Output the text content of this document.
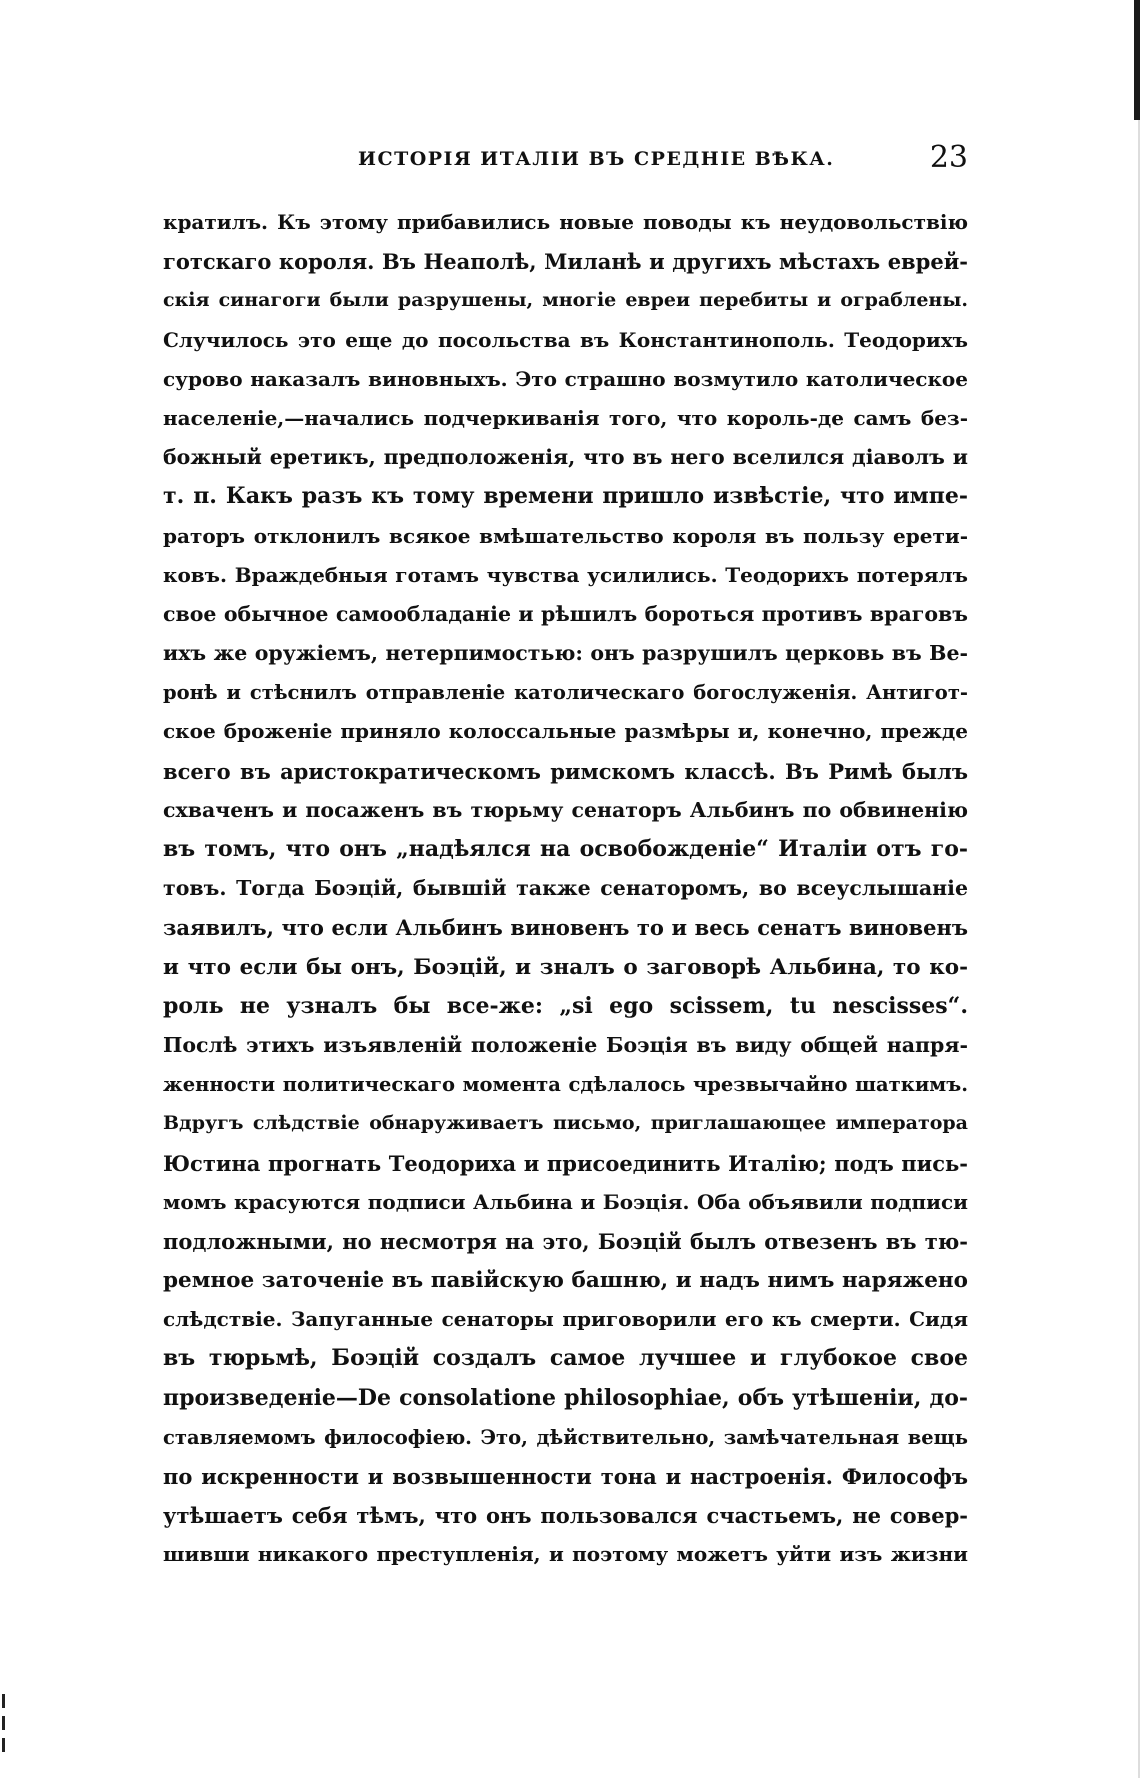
ИСТОРІЯ ИТАЛІИ ВЪ СРЕДНІЕ ВѢКА.	23
кратилъ. Къ этому прибавились новые поводы къ неудовольствію
готскаго короля. Въ Неаполѣ, Миланѣ и другихъ мѣстахъ еврей-
скія синагоги были разрушены, многіе евреи перебиты и ограблены.
Случилось это еще до посольства въ Константинополь. Теодорихъ
сурово наказалъ виновныхъ. Это страшно возмутило католическое
населеніе,—начались подчеркиванія того, что король-де самъ без-
божный еретикъ, предположенія, что въ него вселился діаволъ и
т. п. Какъ разъ къ тому времени пришло извѣстіе, что импе-
раторъ отклонилъ всякое вмѣшательство короля въ пользу ерети-
ковъ. Враждебныя готамъ чувства усилились. Теодорихъ потерялъ
свое обычное самообладаніе и рѣшилъ бороться противъ враговъ
ихъ же оружіемъ, нетерпимостью: онъ разрушилъ церковь въ Ве-
ронѣ и стѣснилъ отправленіе католическаго богослуженія. Антигот-
ское броженіе приняло колоссальные размѣры и, конечно, прежде
всего въ аристократическомъ римскомъ классѣ. Въ Римѣ былъ
схваченъ и посаженъ въ тюрьму сенаторъ Альбинъ по обвиненію
въ томъ, что онъ „надѣялся на освобожденіе“ Италіи отъ го-
товъ. Тогда Боэцій, бывшій также сенаторомъ, во всеуслышаніе
заявилъ, что если Альбинъ виновенъ то и весь сенатъ виновенъ
и что если бы онъ, Боэцій, и зналъ о заговорѣ Альбина, то ко-
роль не узналъ бы все-же: „si ego scissem, tu nescisses“.
Послѣ этихъ изъявленій положеніе Боэція въ виду общей напря-
женности политическаго момента сдѣлалось чрезвычайно шаткимъ.
Вдругъ слѣдствіе обнаруживаетъ письмо, приглашающее императора
Юстина прогнать Теодориха и присоединить Италію; подъ пись-
момъ красуются подписи Альбина и Боэція. Оба объявили подписи
подложными, но несмотря на это, Боэцій былъ отвезенъ въ тю-
ремное заточеніе въ павійскую башню, и надъ нимъ наряжено
слѣдствіе. Запуганные сенаторы приговорили его къ смерти. Сидя
въ тюрьмѣ, Боэцій создалъ самое лучшее и глубокое свое
произведеніе—De consolatione philosophiae, объ утѣшеніи, до-
ставляемомъ философіею. Это, дѣйствительно, замѣчательная вещь
по искренности и возвышенности тона и настроенія. Философъ
утѣшаетъ себя тѣмъ, что онъ пользовался счастьемъ, не совер-
шивши никакого преступленія, и поэтому можетъ уйти изъ жизни
